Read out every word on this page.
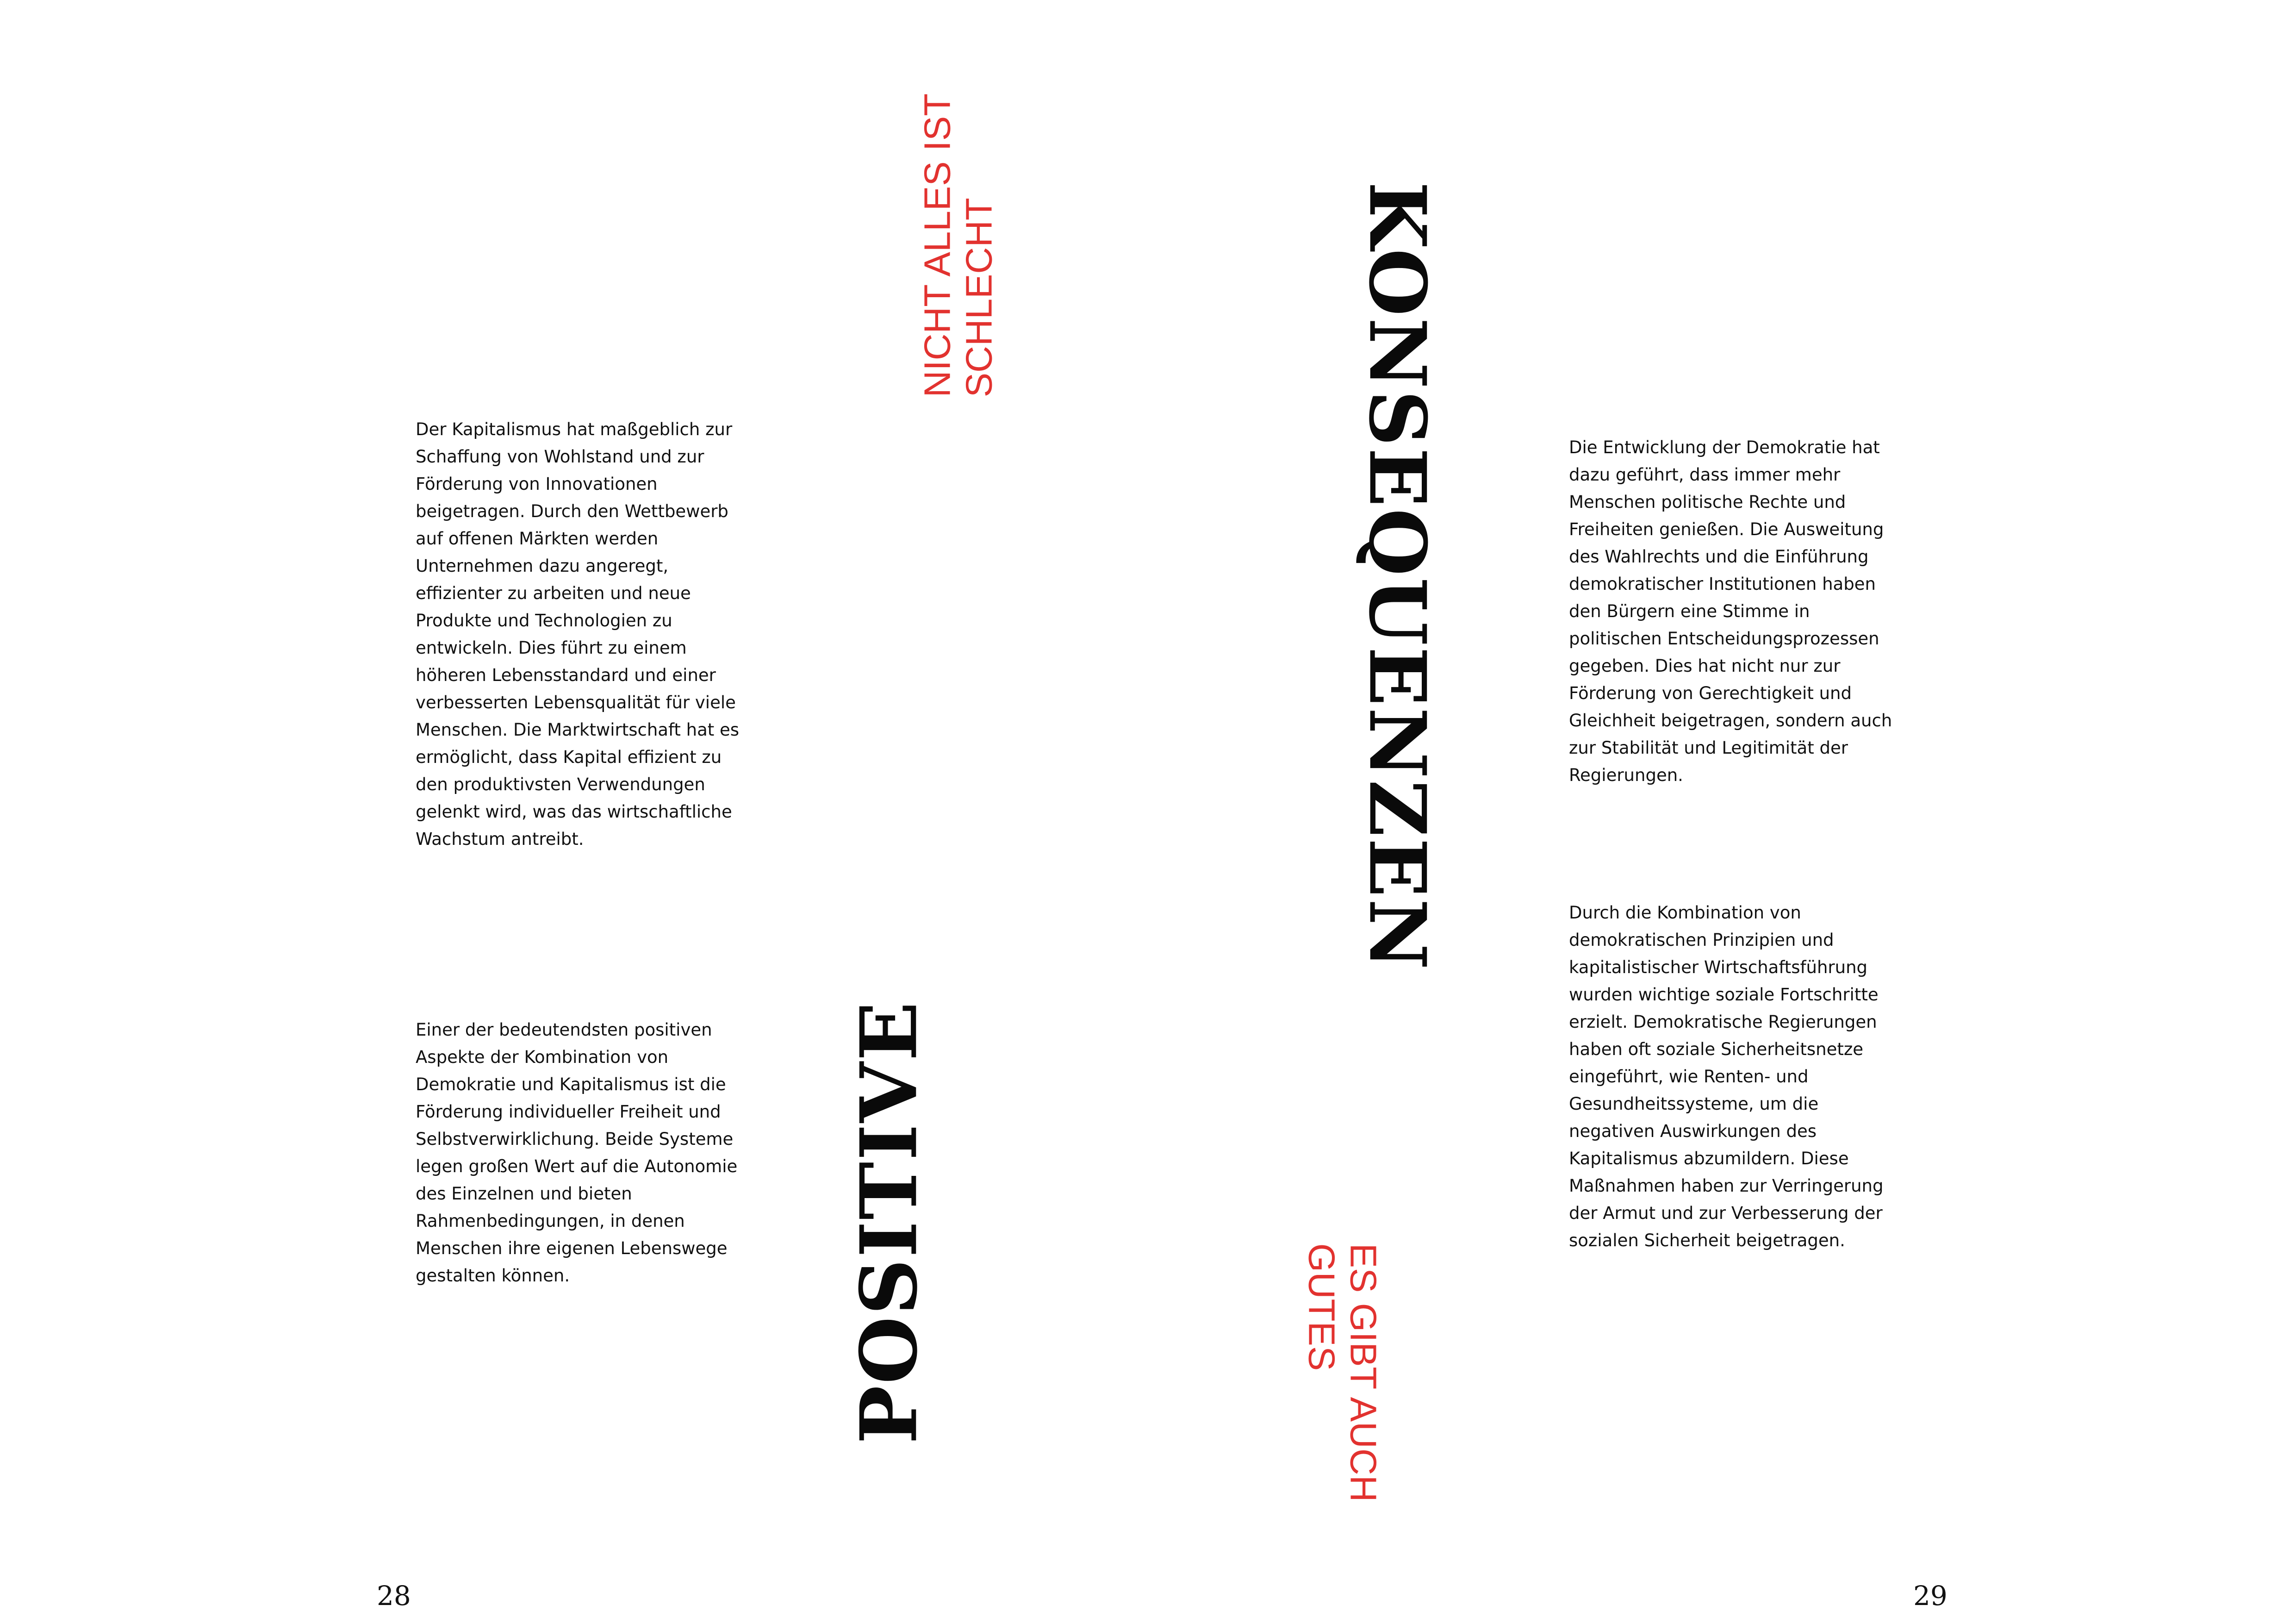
Der Kapitalismus hat maßgeblich zur Schaffung von Wohlstand und zur Förderung von Innovationen beigetragen. Durch den Wettbewerb auf offenen Märkten werden Unternehmen dazu angeregt, effizienter zu arbeiten und neue Produkte und Technologien zu entwickeln. Dies führt zu einem höheren Lebensstandard und einer verbesserten Lebensqualität für viele Menschen. Die Marktwirtschaft hat es ermöglicht, dass Kapital effizient zu den produktivsten Verwendungen gelenkt wird, was das wirtschaftliche Wachstum antreibt.

Einer der bedeutendsten positiven Aspekte der Kombination von Demokratie und Kapitalismus ist die Förderung individueller Freiheit und Selbstverwirklichung. Beide Systeme legen großen Wert auf die Autonomie des Einzelnen und bieten Rahmenbedingungen, in denen Menschen ihre eigenen Lebenswege gestalten können.

NICHT ALLES IST SCHLECHT
POSITIVE
28
KONSEQUENZEN
ES GIBT AUCH
GUTES

Die Entwicklung der Demokratie hat dazu geführt, dass immer mehr Menschen politische Rechte und Freiheiten genießen. Die Ausweitung des Wahlrechts und die Einführung demokratischer Institutionen haben den Bürgern eine Stimme in politischen Entscheidungsprozessen gegeben. Dies hat nicht nur zur Förderung von Gerechtigkeit und Gleichheit beigetragen, sondern auch zur Stabilität und Legitimität der Regierungen.

Durch die Kombination von demokratischen Prinzipien und kapitalistischer Wirtschaftsführung wurden wichtige soziale Fortschritte erzielt. Demokratische Regierungen haben oft soziale Sicherheitsnetze eingeführt, wie Renten- und Gesundheitssysteme, um die negativen Auswirkungen des Kapitalismus abzumildern. Diese Maßnahmen haben zur Verringerung der Armut und zur Verbesserung der sozialen Sicherheit beigetragen.

29
